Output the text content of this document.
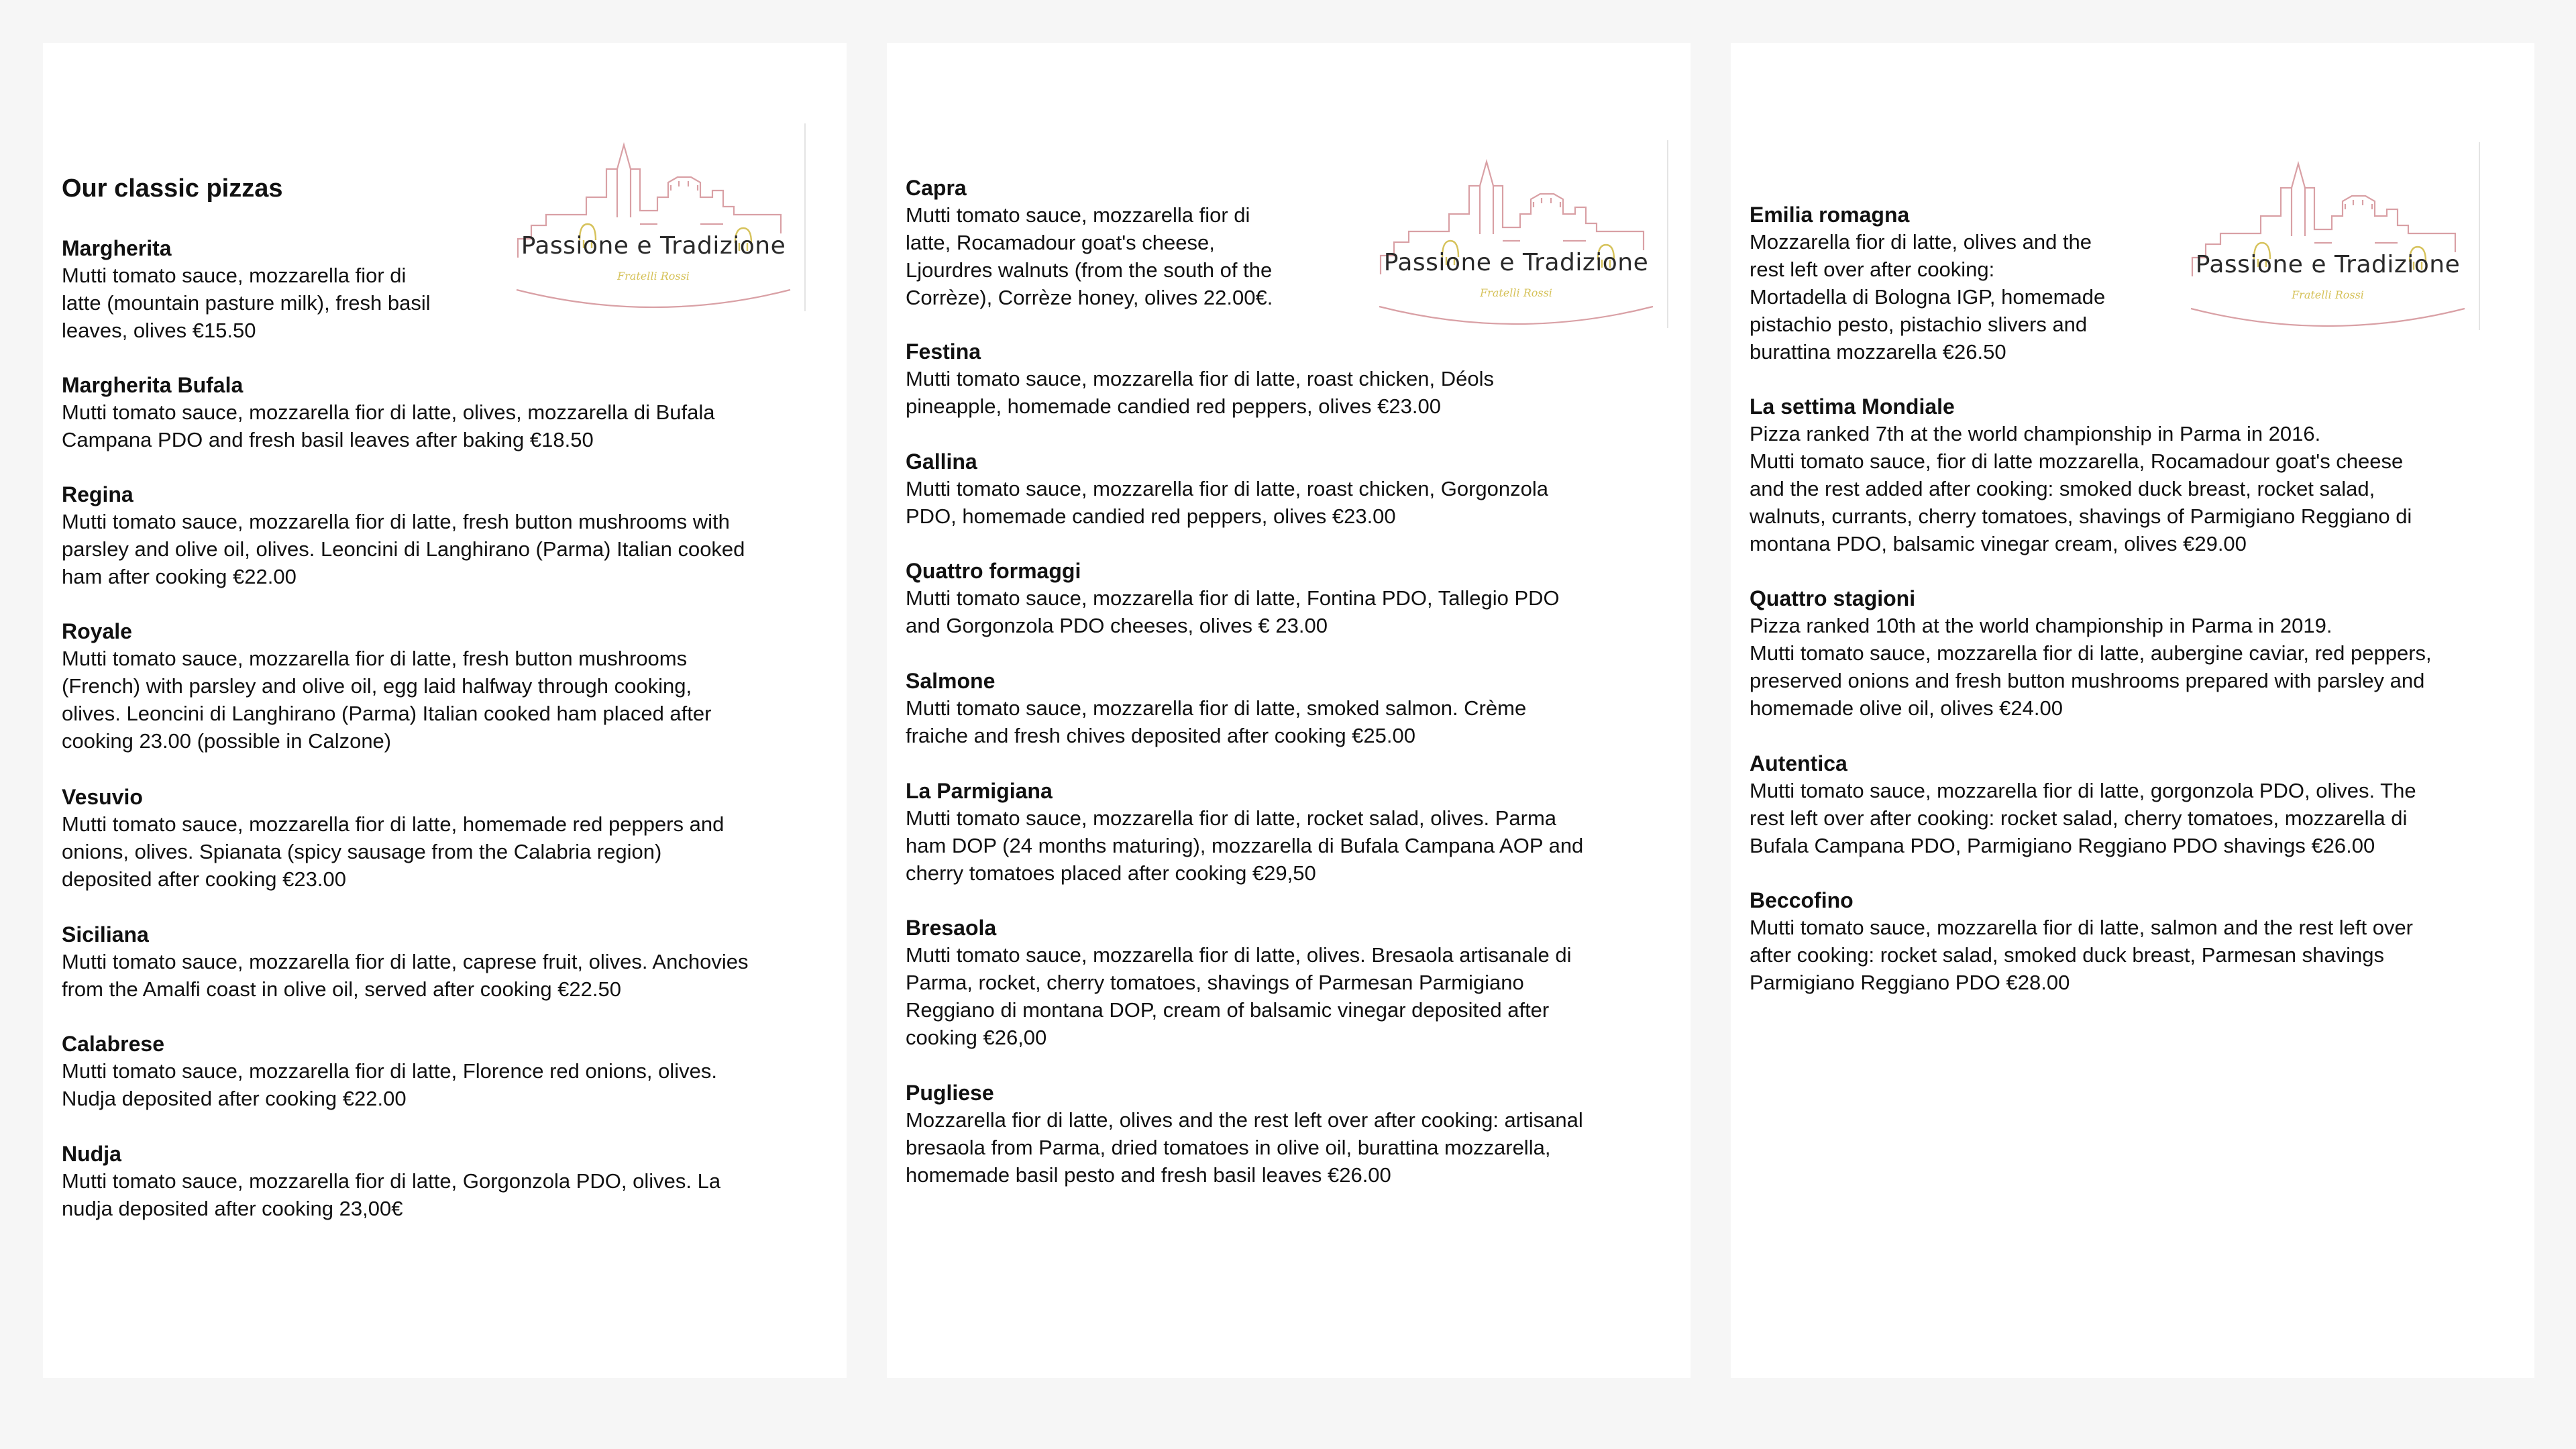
Passione e Tradizione
Fratelli Rossi
Our classic pizzas

Margherita

Mutti tomato sauce, mozzarella fior di
latte (mountain pasture milk), fresh basil
leaves, olives €15.50

Margherita Bufala

Mutti tomato sauce, mozzarella fior di latte, olives, mozzarella di Bufala
Campana PDO and fresh basil leaves after baking €18.50

Regina

Mutti tomato sauce, mozzarella fior di latte, fresh button mushrooms with
parsley and olive oil, olives. Leoncini di Langhirano (Parma) Italian cooked
ham after cooking €22.00

Royale

Mutti tomato sauce, mozzarella fior di latte, fresh button mushrooms
(French) with parsley and olive oil, egg laid halfway through cooking,
olives. Leoncini di Langhirano (Parma) Italian cooked ham placed after
cooking 23.00 (possible in Calzone)

Vesuvio

Mutti tomato sauce, mozzarella fior di latte, homemade red peppers and
onions, olives. Spianata (spicy sausage from the Calabria region)
deposited after cooking €23.00

Siciliana

Mutti tomato sauce, mozzarella fior di latte, caprese fruit, olives. Anchovies
from the Amalfi coast in olive oil, served after cooking €22.50

Calabrese

Mutti tomato sauce, mozzarella fior di latte, Florence red onions, olives.
Nudja deposited after cooking €22.00

Nudja

Mutti tomato sauce, mozzarella fior di latte, Gorgonzola PDO, olives. La
nudja deposited after cooking 23,00€

Passione e Tradizione
Fratelli Rossi

Capra

Mutti tomato sauce, mozzarella fior di
latte, Rocamadour goat's cheese,
Ljourdres walnuts (from the south of the
Corrèze), Corrèze honey, olives 22.00€.

Festina

Mutti tomato sauce, mozzarella fior di latte, roast chicken, Déols
pineapple, homemade candied red peppers, olives €23.00

Gallina

Mutti tomato sauce, mozzarella fior di latte, roast chicken, Gorgonzola
PDO, homemade candied red peppers, olives €23.00

Quattro formaggi

Mutti tomato sauce, mozzarella fior di latte, Fontina PDO, Tallegio PDO
and Gorgonzola PDO cheeses, olives € 23.00

Salmone

Mutti tomato sauce, mozzarella fior di latte, smoked salmon. Crème
fraiche and fresh chives deposited after cooking €25.00

La Parmigiana

Mutti tomato sauce, mozzarella fior di latte, rocket salad, olives. Parma
ham DOP (24 months maturing), mozzarella di Bufala Campana AOP and
cherry tomatoes placed after cooking €29,50

Bresaola

Mutti tomato sauce, mozzarella fior di latte, olives. Bresaola artisanale di
Parma, rocket, cherry tomatoes, shavings of Parmesan Parmigiano
Reggiano di montana DOP, cream of balsamic vinegar deposited after
cooking €26,00

Pugliese

Mozzarella fior di latte, olives and the rest left over after cooking: artisanal
bresaola from Parma, dried tomatoes in olive oil, burattina mozzarella,
homemade basil pesto and fresh basil leaves €26.00

Passione e Tradizione
Fratelli Rossi

Emilia romagna

Mozzarella fior di latte, olives and the
rest left over after cooking:
Mortadella di Bologna IGP, homemade
pistachio pesto, pistachio slivers and
burattina mozzarella €26.50

La settima Mondiale

Pizza ranked 7th at the world championship in Parma in 2016.
Mutti tomato sauce, fior di latte mozzarella, Rocamadour goat's cheese
and the rest added after cooking: smoked duck breast, rocket salad,
walnuts, currants, cherry tomatoes, shavings of Parmigiano Reggiano di
montana PDO, balsamic vinegar cream, olives €29.00

Quattro stagioni

Pizza ranked 10th at the world championship in Parma in 2019.
Mutti tomato sauce, mozzarella fior di latte, aubergine caviar, red peppers,
preserved onions and fresh button mushrooms prepared with parsley and
homemade olive oil, olives €24.00

Autentica

Mutti tomato sauce, mozzarella fior di latte, gorgonzola PDO, olives. The
rest left over after cooking: rocket salad, cherry tomatoes, mozzarella di
Bufala Campana PDO, Parmigiano Reggiano PDO shavings €26.00

Beccofino

Mutti tomato sauce, mozzarella fior di latte, salmon and the rest left over
after cooking: rocket salad, smoked duck breast, Parmesan shavings
Parmigiano Reggiano PDO €28.00
